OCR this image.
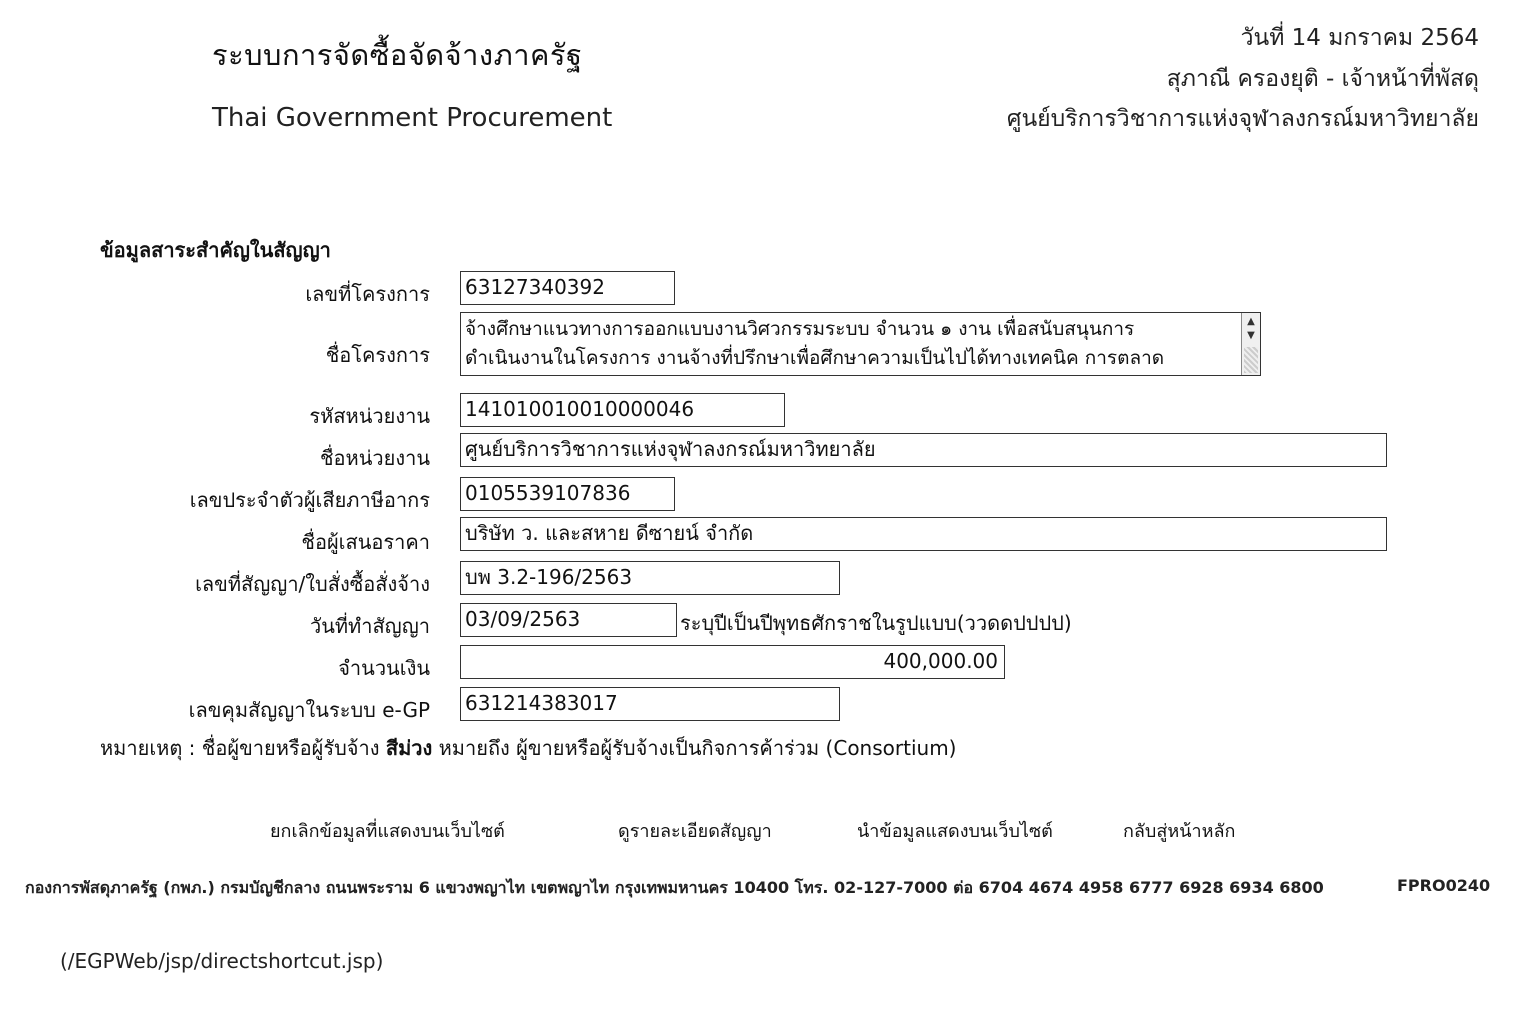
ระบบการจัดซื้อจัดจ้างภาครัฐ
Thai Government Procurement
วันที่ 14 มกราคม 2564
สุภาณี ครองยุติ - เจ้าหน้าที่พัสดุ
ศูนย์บริการวิชาการแห่งจุฬาลงกรณ์มหาวิทยาลัย
ข้อมูลสาระสำคัญในสัญญา
เลขที่โครงการ 63127340392
ชื่อโครงการ
จ้างศึกษาแนวทางการออกแบบงานวิศวกรรมระบบ จำนวน ๑ งาน เพื่อสนับสนุนการ
ดำเนินงานในโครงการ งานจ้างที่ปรึกษาเพื่อศึกษาความเป็นไปได้ทางเทคนิค การตลาด
▲
▼
รหัสหน่วยงาน 141010010010000046
ชื่อหน่วยงาน ศูนย์บริการวิชาการแห่งจุฬาลงกรณ์มหาวิทยาลัย
เลขประจำตัวผู้เสียภาษีอากร 0105539107836
ชื่อผู้เสนอราคา บริษัท ว. และสหาย ดีซายน์ จำกัด
เลขที่สัญญา/ใบสั่งซื้อสั่งจ้าง บพ 3.2-196/2563
วันที่ทำสัญญา 03/09/2563	ระบุปีเป็นปีพุทธศักราชในรูปแบบ(ววดดปปปป)
จำนวนเงิน	400,000.00
เลขคุมสัญญาในระบบ e-GP 631214383017
หมายเหตุ : ชื่อผู้ขายหรือผู้รับจ้าง สีม่วง หมายถึง ผู้ขายหรือผู้รับจ้างเป็นกิจการค้าร่วม (Consortium)
ยกเลิกข้อมูลที่แสดงบนเว็บไซต์	ดูรายละเอียดสัญญา	นำข้อมูลแสดงบนเว็บไซต์	กลับสู่หน้าหลัก
กองการพัสดุภาครัฐ (กพภ.) กรมบัญชีกลาง ถนนพระราม 6 แขวงพญาไท เขตพญาไท กรุงเทพมหานคร 10400 โทร. 02-127-7000 ต่อ 6704 4674 4958 6777 6928 6934 6800	FPRO0240
(/EGPWeb/jsp/directshortcut.jsp)
